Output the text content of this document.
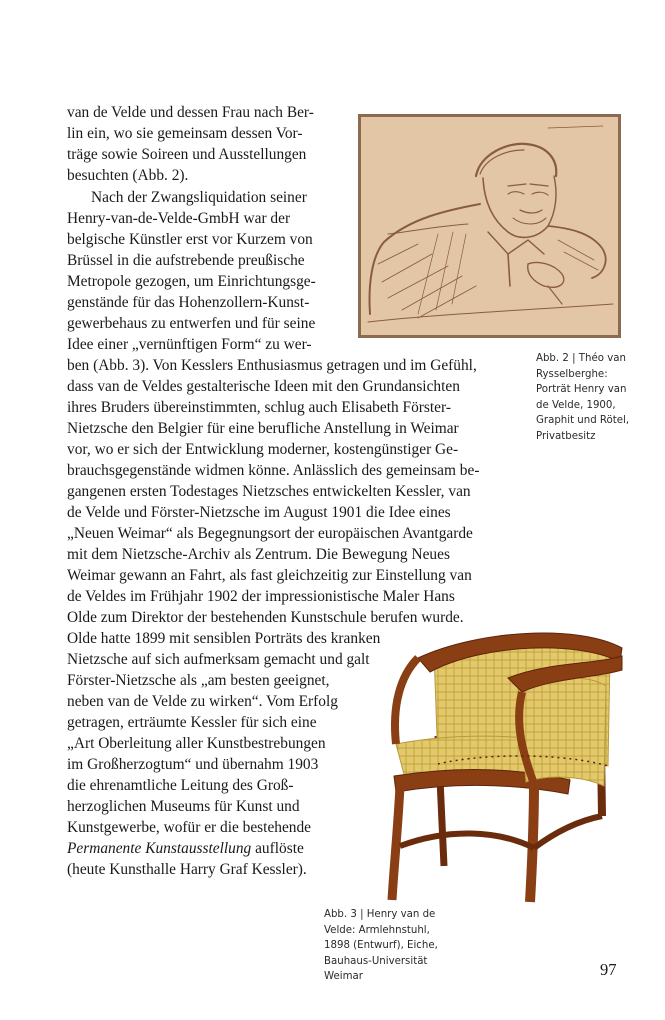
van de Velde und dessen Frau nach Ber-
lin ein, wo sie gemeinsam dessen Vor-
träge sowie Soireen und Ausstellungen
besuchten (Abb. 2).
Nach der Zwangsliquidation seiner
Henry-van-de-Velde-GmbH war der
belgische Künstler erst vor Kurzem von
Brüssel in die aufstrebende preußische
Metropole gezogen, um Einrichtungsge-
genstände für das Hohenzollern-Kunst-
gewerbehaus zu entwerfen und für seine
Idee einer „vernünftigen Form“ zu wer-
ben (Abb. 3). Von Kesslers Enthusiasmus getragen und im Gefühl,
dass van de Veldes gestalterische Ideen mit den Grundansichten
ihres Bruders übereinstimmten, schlug auch Elisabeth Förster-
Nietzsche den Belgier für eine berufliche Anstellung in Weimar
vor, wo er sich der Entwicklung moderner, kostengünstiger Ge-
brauchsgegenstände widmen könne. Anlässlich des gemeinsam be-
gangenen ersten Todestages Nietzsches entwickelten Kessler, van
de Velde und Förster-Nietzsche im August 1901 die Idee eines
„Neuen Weimar“ als Begegnungsort der europäischen Avantgarde
mit dem Nietzsche-Archiv als Zentrum. Die Bewegung Neues
Weimar gewann an Fahrt, als fast gleichzeitig zur Einstellung van
de Veldes im Frühjahr 1902 der impressionistische Maler Hans
Olde zum Direktor der bestehenden Kunstschule berufen wurde.
Olde hatte 1899 mit sensiblen Porträts des kranken
Nietzsche auf sich aufmerksam gemacht und galt
Förster-Nietzsche als „am besten geeignet,
neben van de Velde zu wirken“. Vom Erfolg
getragen, erträumte Kessler für sich eine
„Art Oberleitung aller Kunstbestrebungen
im Großherzogtum“ und übernahm 1903
die ehrenamtliche Leitung des Groß-
herzoglichen Museums für Kunst und
Kunstgewerbe, wofür er die bestehende
Permanente Kunstausstellung auflöste
(heute Kunsthalle Harry Graf Kessler).
Abb. 2 | Théo van
Rysselberghe:
Porträt Henry van
de Velde, 1900,
Graphit und Rötel,
Privatbesitz
Abb. 3 | Henry van de
Velde: Armlehnstuhl,
1898 (Entwurf), Eiche,
Bauhaus-Universität
Weimar	97
